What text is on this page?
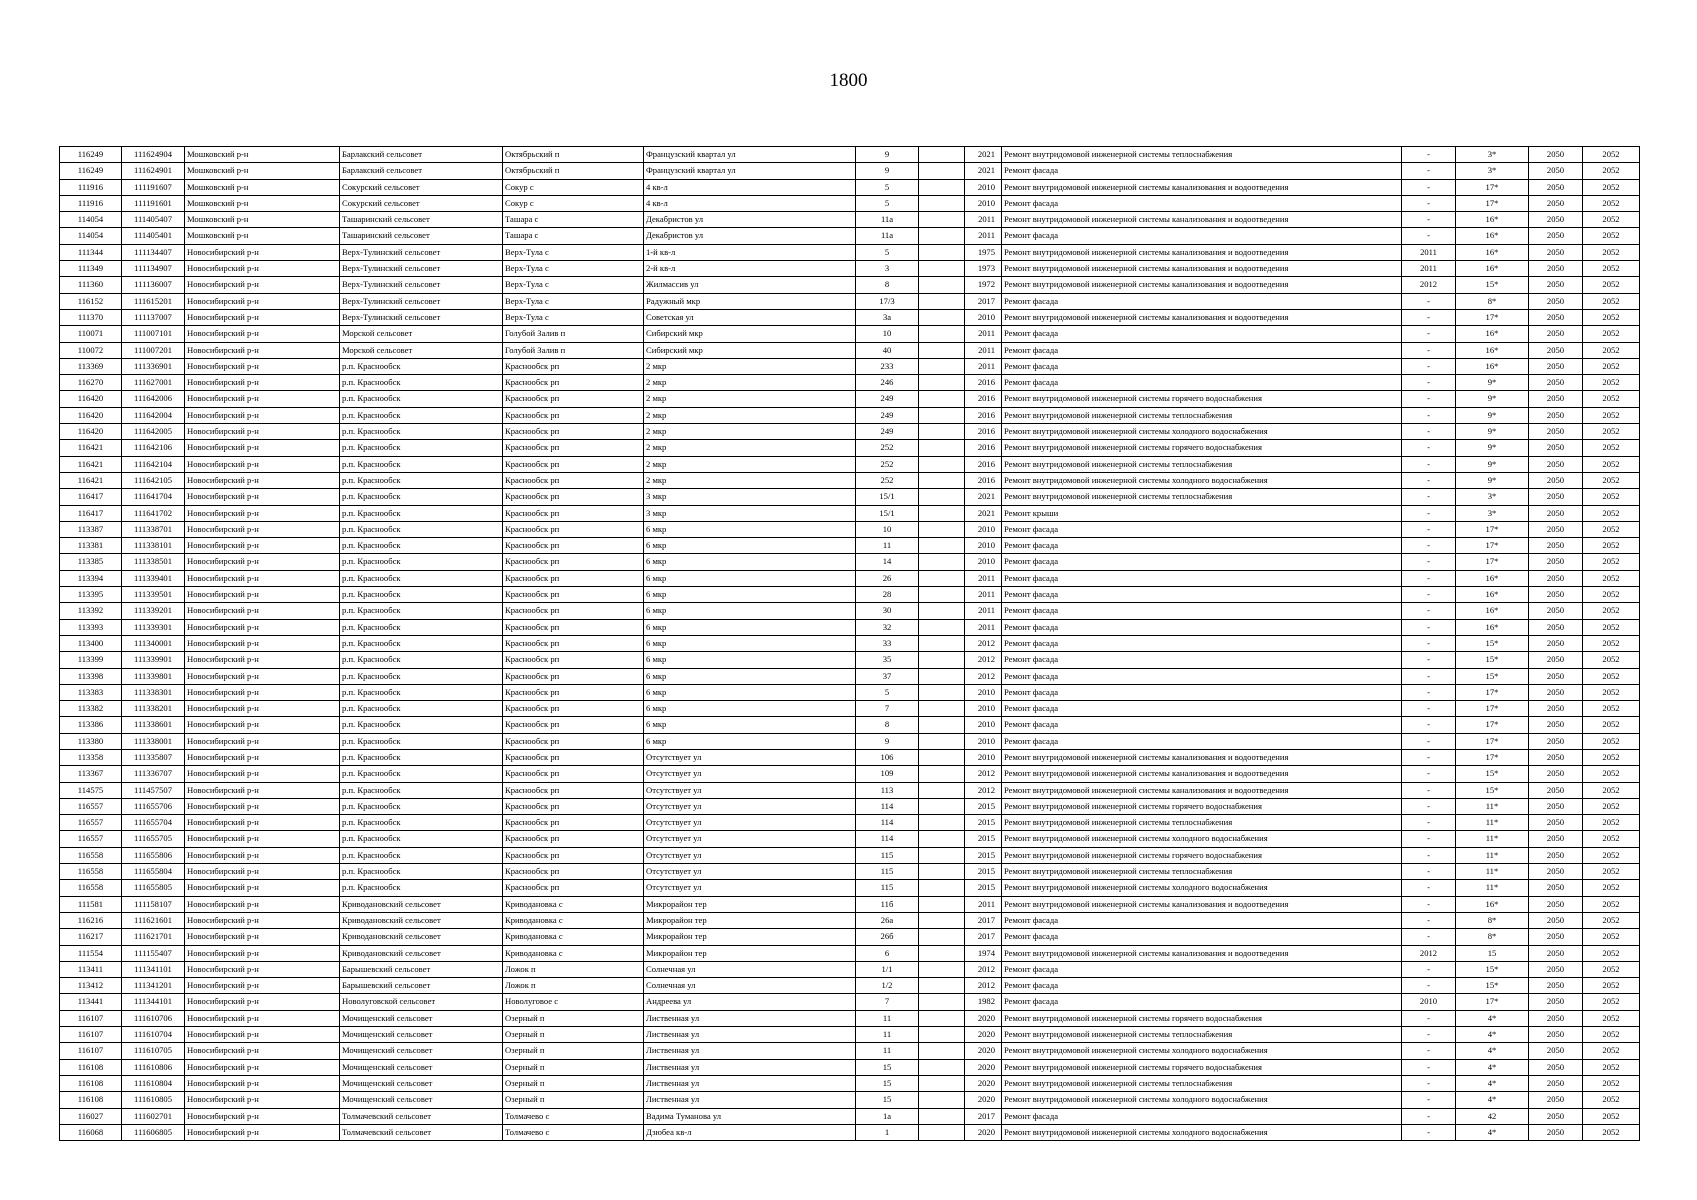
1800
116249	111624904	Мошковский р-н	Барлакский сельсовет	Октябрьский п	Французский квартал ул	9		2021	Ремонт внутридомовой инженерной системы теплоснабжения	-	3*	2050	2052
116249	111624901	Мошковский р-н	Барлакский сельсовет	Октябрьский п	Французский квартал ул	9		2021	Ремонт фасада	-	3*	2050	2052
111916	111191607	Мошковский р-н	Сокурский сельсовет	Сокур с	4 кв-л	5		2010	Ремонт внутридомовой инженерной системы канализования и водоотведения	-	17*	2050	2052
111916	111191601	Мошковский р-н	Сокурский сельсовет	Сокур с	4 кв-л	5		2010	Ремонт фасада	-	17*	2050	2052
114054	111405407	Мошковский р-н	Ташаринский сельсовет	Ташара с	Декабристов ул	11а		2011	Ремонт внутридомовой инженерной системы канализования и водоотведения	-	16*	2050	2052
114054	111405401	Мошковский р-н	Ташаринский сельсовет	Ташара с	Декабристов ул	11а		2011	Ремонт фасада	-	16*	2050	2052
111344	111134407	Новосибирский р-н	Верх-Тулинский сельсовет	Верх-Тула с	1-й кв-л	5		1975	Ремонт внутридомовой инженерной системы канализования и водоотведения	2011	16*	2050	2052
111349	111134907	Новосибирский р-н	Верх-Тулинский сельсовет	Верх-Тула с	2-й кв-л	3		1973	Ремонт внутридомовой инженерной системы канализования и водоотведения	2011	16*	2050	2052
111360	111136007	Новосибирский р-н	Верх-Тулинский сельсовет	Верх-Тула с	Жилмассив ул	8		1972	Ремонт внутридомовой инженерной системы канализования и водоотведения	2012	15*	2050	2052
116152	111615201	Новосибирский р-н	Верх-Тулинский сельсовет	Верх-Тула с	Радужный мкр	17/3		2017	Ремонт фасада	-	8*	2050	2052
111370	111137007	Новосибирский р-н	Верх-Тулинский сельсовет	Верх-Тула с	Советская ул	3а		2010	Ремонт внутридомовой инженерной системы канализования и водоотведения	-	17*	2050	2052
110071	111007101	Новосибирский р-н	Морской сельсовет	Голубой Залив п	Сибирский мкр	10		2011	Ремонт фасада	-	16*	2050	2052
110072	111007201	Новосибирский р-н	Морской сельсовет	Голубой Залив п	Сибирский мкр	40		2011	Ремонт фасада	-	16*	2050	2052
113369	111336901	Новосибирский р-н	р.п. Краснообск	Краснообск рп	2 мкр	233		2011	Ремонт фасада	-	16*	2050	2052
116270	111627001	Новосибирский р-н	р.п. Краснообск	Краснообск рп	2 мкр	246		2016	Ремонт фасада	-	9*	2050	2052
116420	111642006	Новосибирский р-н	р.п. Краснообск	Краснообск рп	2 мкр	249		2016	Ремонт внутридомовой инженерной системы горячего водоснабжения	-	9*	2050	2052
116420	111642004	Новосибирский р-н	р.п. Краснообск	Краснообск рп	2 мкр	249		2016	Ремонт внутридомовой инженерной системы теплоснабжения	-	9*	2050	2052
116420	111642005	Новосибирский р-н	р.п. Краснообск	Краснообск рп	2 мкр	249		2016	Ремонт внутридомовой инженерной системы холодного водоснабжения	-	9*	2050	2052
116421	111642106	Новосибирский р-н	р.п. Краснообск	Краснообск рп	2 мкр	252		2016	Ремонт внутридомовой инженерной системы горячего водоснабжения	-	9*	2050	2052
116421	111642104	Новосибирский р-н	р.п. Краснообск	Краснообск рп	2 мкр	252		2016	Ремонт внутридомовой инженерной системы теплоснабжения	-	9*	2050	2052
116421	111642105	Новосибирский р-н	р.п. Краснообск	Краснообск рп	2 мкр	252		2016	Ремонт внутридомовой инженерной системы холодного водоснабжения	-	9*	2050	2052
116417	111641704	Новосибирский р-н	р.п. Краснообск	Краснообск рп	3 мкр	15/1		2021	Ремонт внутридомовой инженерной системы теплоснабжения	-	3*	2050	2052
116417	111641702	Новосибирский р-н	р.п. Краснообск	Краснообск рп	3 мкр	15/1		2021	Ремонт крыши	-	3*	2050	2052
113387	111338701	Новосибирский р-н	р.п. Краснообск	Краснообск рп	6 мкр	10		2010	Ремонт фасада	-	17*	2050	2052
113381	111338101	Новосибирский р-н	р.п. Краснообск	Краснообск рп	6 мкр	11		2010	Ремонт фасада	-	17*	2050	2052
113385	111338501	Новосибирский р-н	р.п. Краснообск	Краснообск рп	6 мкр	14		2010	Ремонт фасада	-	17*	2050	2052
113394	111339401	Новосибирский р-н	р.п. Краснообск	Краснообск рп	6 мкр	26		2011	Ремонт фасада	-	16*	2050	2052
113395	111339501	Новосибирский р-н	р.п. Краснообск	Краснообск рп	6 мкр	28		2011	Ремонт фасада	-	16*	2050	2052
113392	111339201	Новосибирский р-н	р.п. Краснообск	Краснообск рп	6 мкр	30		2011	Ремонт фасада	-	16*	2050	2052
113393	111339301	Новосибирский р-н	р.п. Краснообск	Краснообск рп	6 мкр	32		2011	Ремонт фасада	-	16*	2050	2052
113400	111340001	Новосибирский р-н	р.п. Краснообск	Краснообск рп	6 мкр	33		2012	Ремонт фасада	-	15*	2050	2052
113399	111339901	Новосибирский р-н	р.п. Краснообск	Краснообск рп	6 мкр	35		2012	Ремонт фасада	-	15*	2050	2052
113398	111339801	Новосибирский р-н	р.п. Краснообск	Краснообск рп	6 мкр	37		2012	Ремонт фасада	-	15*	2050	2052
113383	111338301	Новосибирский р-н	р.п. Краснообск	Краснообск рп	6 мкр	5		2010	Ремонт фасада	-	17*	2050	2052
113382	111338201	Новосибирский р-н	р.п. Краснообск	Краснообск рп	6 мкр	7		2010	Ремонт фасада	-	17*	2050	2052
113386	111338601	Новосибирский р-н	р.п. Краснообск	Краснообск рп	6 мкр	8		2010	Ремонт фасада	-	17*	2050	2052
113380	111338001	Новосибирский р-н	р.п. Краснообск	Краснообск рп	6 мкр	9		2010	Ремонт фасада	-	17*	2050	2052
113358	111335807	Новосибирский р-н	р.п. Краснообск	Краснообск рп	Отсутствует ул	106		2010	Ремонт внутридомовой инженерной системы канализования и водоотведения	-	17*	2050	2052
113367	111336707	Новосибирский р-н	р.п. Краснообск	Краснообск рп	Отсутствует ул	109		2012	Ремонт внутридомовой инженерной системы канализования и водоотведения	-	15*	2050	2052
114575	111457507	Новосибирский р-н	р.п. Краснообск	Краснообск рп	Отсутствует ул	113		2012	Ремонт внутридомовой инженерной системы канализования и водоотведения	-	15*	2050	2052
116557	111655706	Новосибирский р-н	р.п. Краснообск	Краснообск рп	Отсутствует ул	114		2015	Ремонт внутридомовой инженерной системы горячего водоснабжения	-	11*	2050	2052
116557	111655704	Новосибирский р-н	р.п. Краснообск	Краснообск рп	Отсутствует ул	114		2015	Ремонт внутридомовой инженерной системы теплоснабжения	-	11*	2050	2052
116557	111655705	Новосибирский р-н	р.п. Краснообск	Краснообск рп	Отсутствует ул	114		2015	Ремонт внутридомовой инженерной системы холодного водоснабжения	-	11*	2050	2052
116558	111655806	Новосибирский р-н	р.п. Краснообск	Краснообск рп	Отсутствует ул	115		2015	Ремонт внутридомовой инженерной системы горячего водоснабжения	-	11*	2050	2052
116558	111655804	Новосибирский р-н	р.п. Краснообск	Краснообск рп	Отсутствует ул	115		2015	Ремонт внутридомовой инженерной системы теплоснабжения	-	11*	2050	2052
116558	111655805	Новосибирский р-н	р.п. Краснообск	Краснообск рп	Отсутствует ул	115		2015	Ремонт внутридомовой инженерной системы холодного водоснабжения	-	11*	2050	2052
111581	111158107	Новосибирский р-н	Криводановский сельсовет	Криводановка с	Микрорайон тер	11б		2011	Ремонт внутридомовой инженерной системы канализования и водоотведения	-	16*	2050	2052
116216	111621601	Новосибирский р-н	Криводановский сельсовет	Криводановка с	Микрорайон тер	26а		2017	Ремонт фасада	-	8*	2050	2052
116217	111621701	Новосибирский р-н	Криводановский сельсовет	Криводановка с	Микрорайон тер	26б		2017	Ремонт фасада	-	8*	2050	2052
111554	111155407	Новосибирский р-н	Криводановский сельсовет	Криводановка с	Микрорайон тер	6		1974	Ремонт внутридомовой инженерной системы канализования и водоотведения	2012	15	2050	2052
113411	111341101	Новосибирский р-н	Барышевский сельсовет	Ложок п	Солнечная ул	1/1		2012	Ремонт фасада	-	15*	2050	2052
113412	111341201	Новосибирский р-н	Барышевский сельсовет	Ложок п	Солнечная ул	1/2		2012	Ремонт фасада	-	15*	2050	2052
113441	111344101	Новосибирский р-н	Новолуговской сельсовет	Новолуговое с	Андреева ул	7		1982	Ремонт фасада	2010	17*	2050	2052
116107	111610706	Новосибирский р-н	Мочищенский сельсовет	Озерный п	Лиственная ул	11		2020	Ремонт внутридомовой инженерной системы горячего водоснабжения	-	4*	2050	2052
116107	111610704	Новосибирский р-н	Мочищенский сельсовет	Озерный п	Лиственная ул	11		2020	Ремонт внутридомовой инженерной системы теплоснабжения	-	4*	2050	2052
116107	111610705	Новосибирский р-н	Мочищенский сельсовет	Озерный п	Лиственная ул	11		2020	Ремонт внутридомовой инженерной системы холодного водоснабжения	-	4*	2050	2052
116108	111610806	Новосибирский р-н	Мочищенский сельсовет	Озерный п	Лиственная ул	15		2020	Ремонт внутридомовой инженерной системы горячего водоснабжения	-	4*	2050	2052
116108	111610804	Новосибирский р-н	Мочищенский сельсовет	Озерный п	Лиственная ул	15		2020	Ремонт внутридомовой инженерной системы теплоснабжения	-	4*	2050	2052
116108	111610805	Новосибирский р-н	Мочищенский сельсовет	Озерный п	Лиственная ул	15		2020	Ремонт внутридомовой инженерной системы холодного водоснабжения	-	4*	2050	2052
116027	111602701	Новосибирский р-н	Толмачевский сельсовет	Толмачево с	Вадима Туманова ул	1а		2017	Ремонт фасада	-	42	2050	2052
116068	111606805	Новосибирский р-н	Толмачевский сельсовет	Толмачево с	Дзюбеа кв-л	1		2020	Ремонт внутридомовой инженерной системы холодного водоснабжения	-	4*	2050	2052
